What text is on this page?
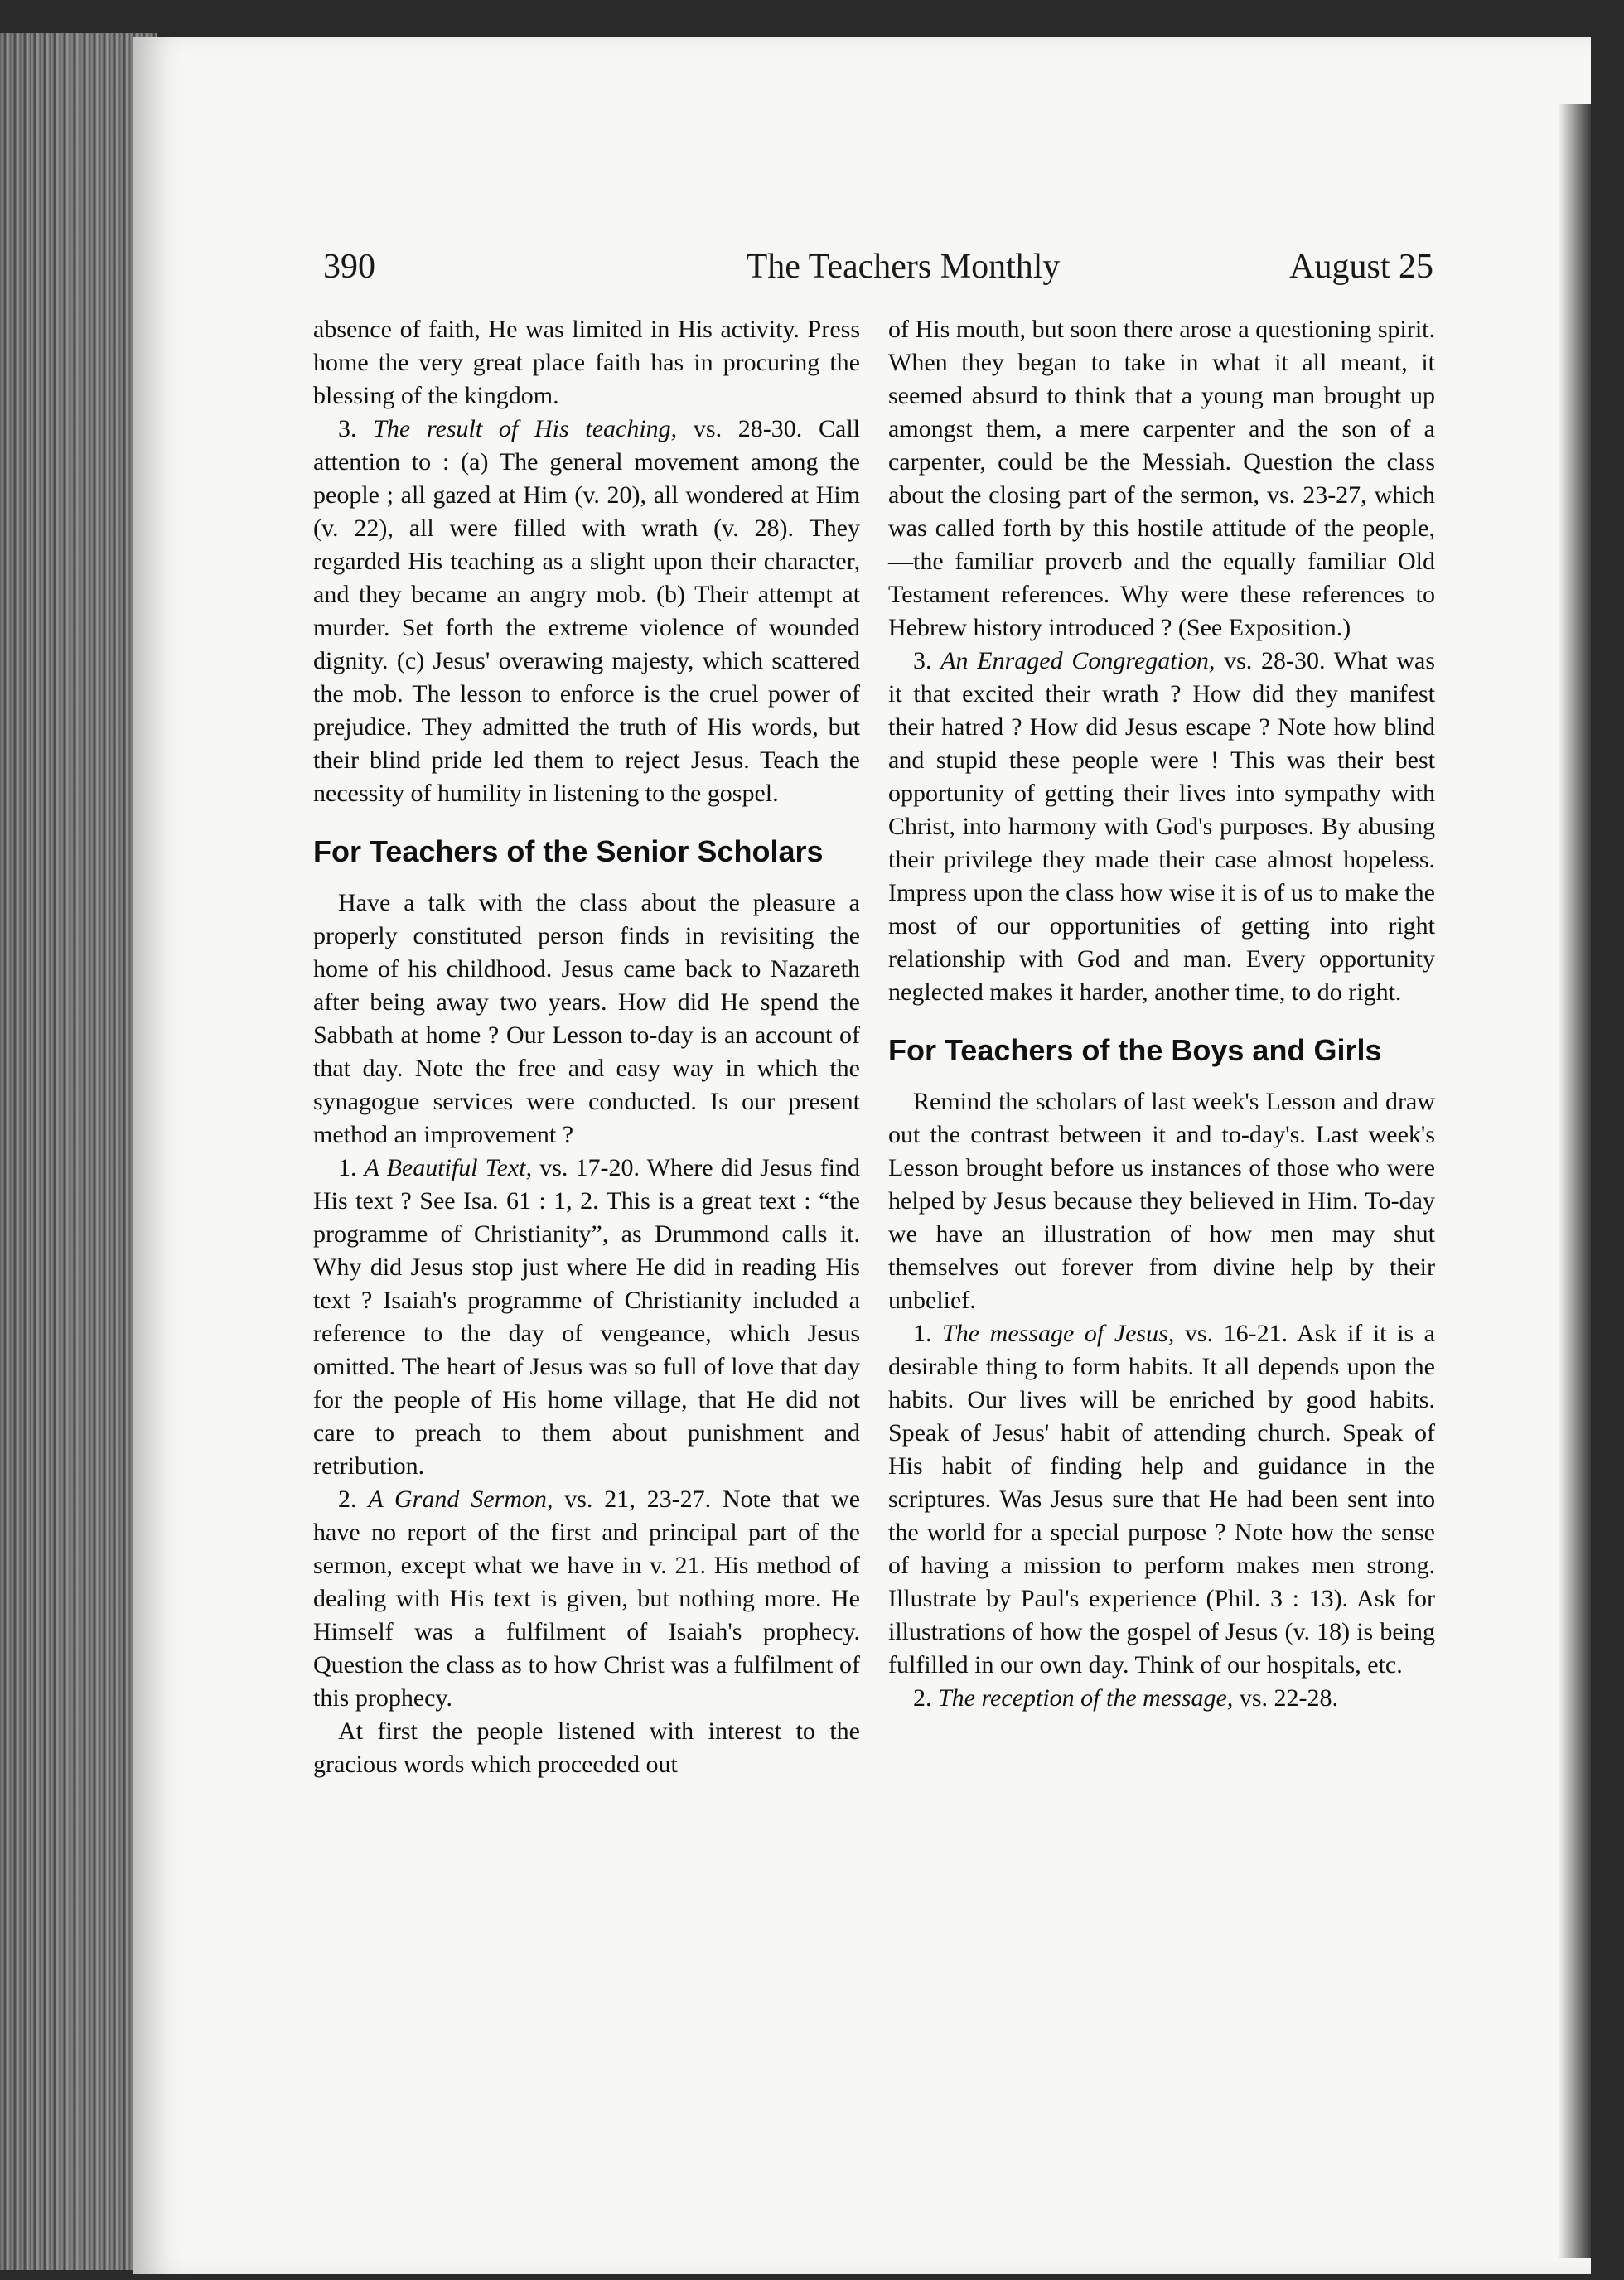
390	The Teachers Monthly	August 25

absence of faith, He was limited in His activity. Press home the very great place faith has in procuring the blessing of the kingdom.

3. The result of His teaching, vs. 28-30. Call attention to : (a) The general movement among the people ; all gazed at Him (v. 20), all wondered at Him (v. 22), all were filled with wrath (v. 28). They regarded His teaching as a slight upon their character, and they became an angry mob. (b) Their attempt at murder. Set forth the extreme violence of wounded dignity. (c) Jesus' overawing majesty, which scattered the mob. The lesson to enforce is the cruel power of prejudice. They admitted the truth of His words, but their blind pride led them to reject Jesus. Teach the necessity of humility in listening to the gospel.

For Teachers of the Senior Scholars

Have a talk with the class about the pleasure a properly constituted person finds in revisiting the home of his childhood. Jesus came back to Nazareth after being away two years. How did He spend the Sabbath at home ? Our Lesson to-day is an account of that day. Note the free and easy way in which the synagogue services were conducted. Is our present method an improvement ?

1. A Beautiful Text, vs. 17-20. Where did Jesus find His text ? See Isa. 61 : 1, 2. This is a great text : “the programme of Christianity”, as Drummond calls it. Why did Jesus stop just where He did in reading His text ? Isaiah's programme of Christianity included a reference to the day of vengeance, which Jesus omitted. The heart of Jesus was so full of love that day for the people of His home village, that He did not care to preach to them about punishment and retribution.

2. A Grand Sermon, vs. 21, 23-27. Note that we have no report of the first and principal part of the sermon, except what we have in v. 21. His method of dealing with His text is given, but nothing more. He Himself was a fulfilment of Isaiah's prophecy. Question the class as to how Christ was a fulfilment of this prophecy.

At first the people listened with interest to the gracious words which proceeded out

of His mouth, but soon there arose a questioning spirit. When they began to take in what it all meant, it seemed absurd to think that a young man brought up amongst them, a mere carpenter and the son of a carpenter, could be the Messiah. Question the class about the closing part of the sermon, vs. 23-27, which was called forth by this hostile attitude of the people,—the familiar proverb and the equally familiar Old Testament references. Why were these references to Hebrew history introduced ? (See Exposition.)

3. An Enraged Congregation, vs. 28-30. What was it that excited their wrath ? How did they manifest their hatred ? How did Jesus escape ? Note how blind and stupid these people were ! This was their best opportunity of getting their lives into sympathy with Christ, into harmony with God's purposes. By abusing their privilege they made their case almost hopeless. Impress upon the class how wise it is of us to make the most of our opportunities of getting into right relationship with God and man. Every opportunity neglected makes it harder, another time, to do right.

For Teachers of the Boys and Girls

Remind the scholars of last week's Lesson and draw out the contrast between it and to-day's. Last week's Lesson brought before us instances of those who were helped by Jesus because they believed in Him. To-day we have an illustration of how men may shut themselves out forever from divine help by their unbelief.

1. The message of Jesus, vs. 16-21. Ask if it is a desirable thing to form habits. It all depends upon the habits. Our lives will be enriched by good habits. Speak of Jesus' habit of attending church. Speak of His habit of finding help and guidance in the scriptures. Was Jesus sure that He had been sent into the world for a special purpose ? Note how the sense of having a mission to perform makes men strong. Illustrate by Paul's experience (Phil. 3 : 13). Ask for illustrations of how the gospel of Jesus (v. 18) is being fulfilled in our own day. Think of our hospitals, etc.

2. The reception of the message, vs. 22-28.
